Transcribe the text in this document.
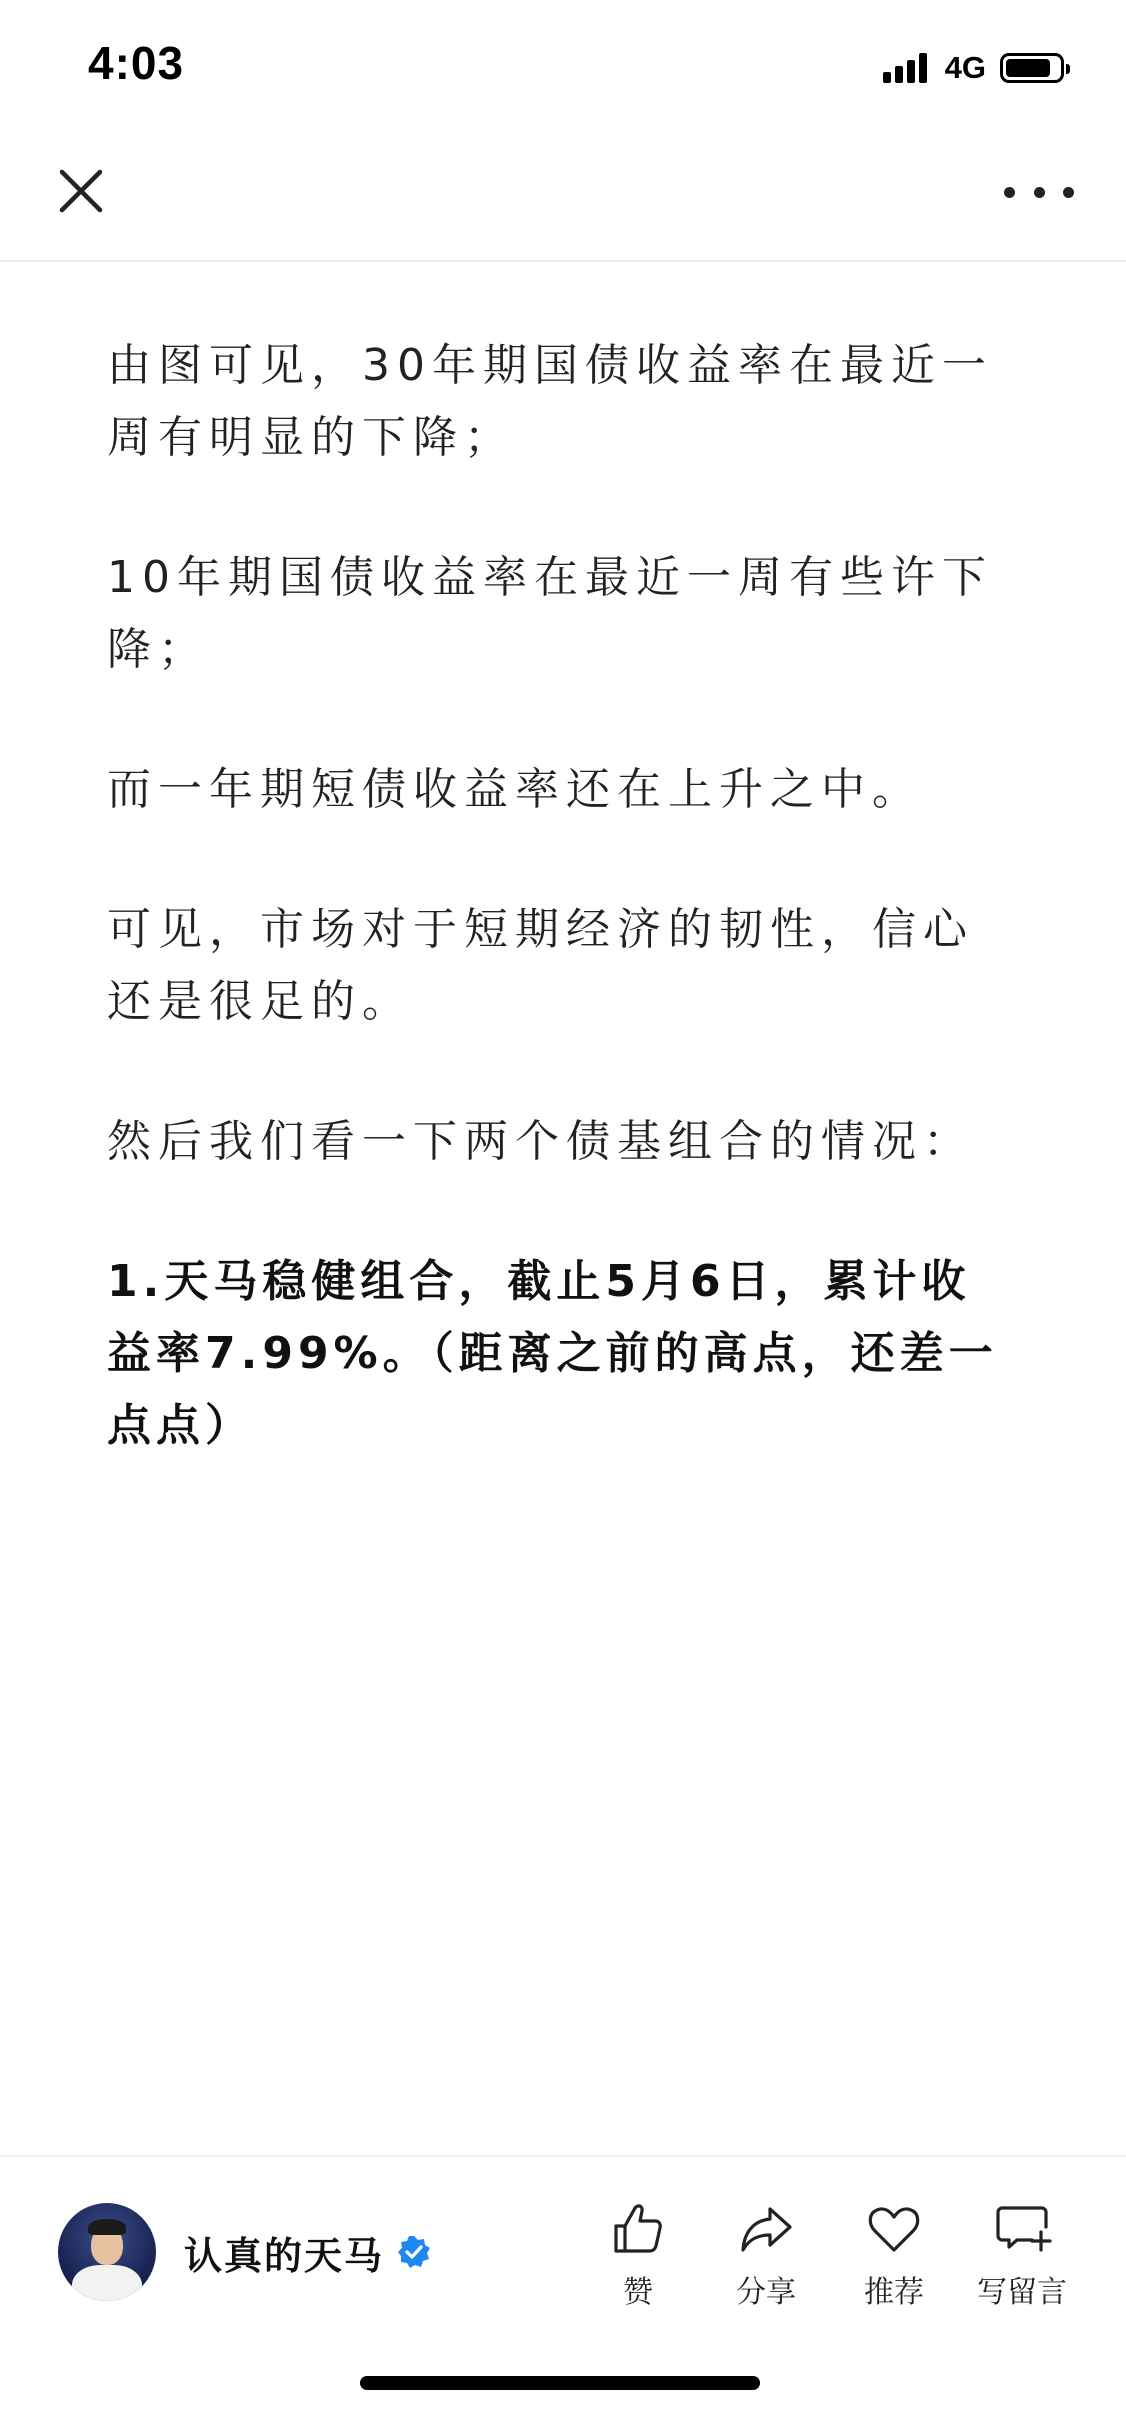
4:03	4G

由图可见，30年期国债收益率在最近一周有明显的下降；

10年期国债收益率在最近一周有些许下降；

而一年期短债收益率还在上升之中。

可见，市场对于短期经济的韧性，信心还是很足的。

然后我们看一下两个债基组合的情况：

1.天马稳健组合，截止5月6日，累计收益率7.99%。（距离之前的高点，还差一点点）

认真的天马
赞	分享 推荐 写留言
